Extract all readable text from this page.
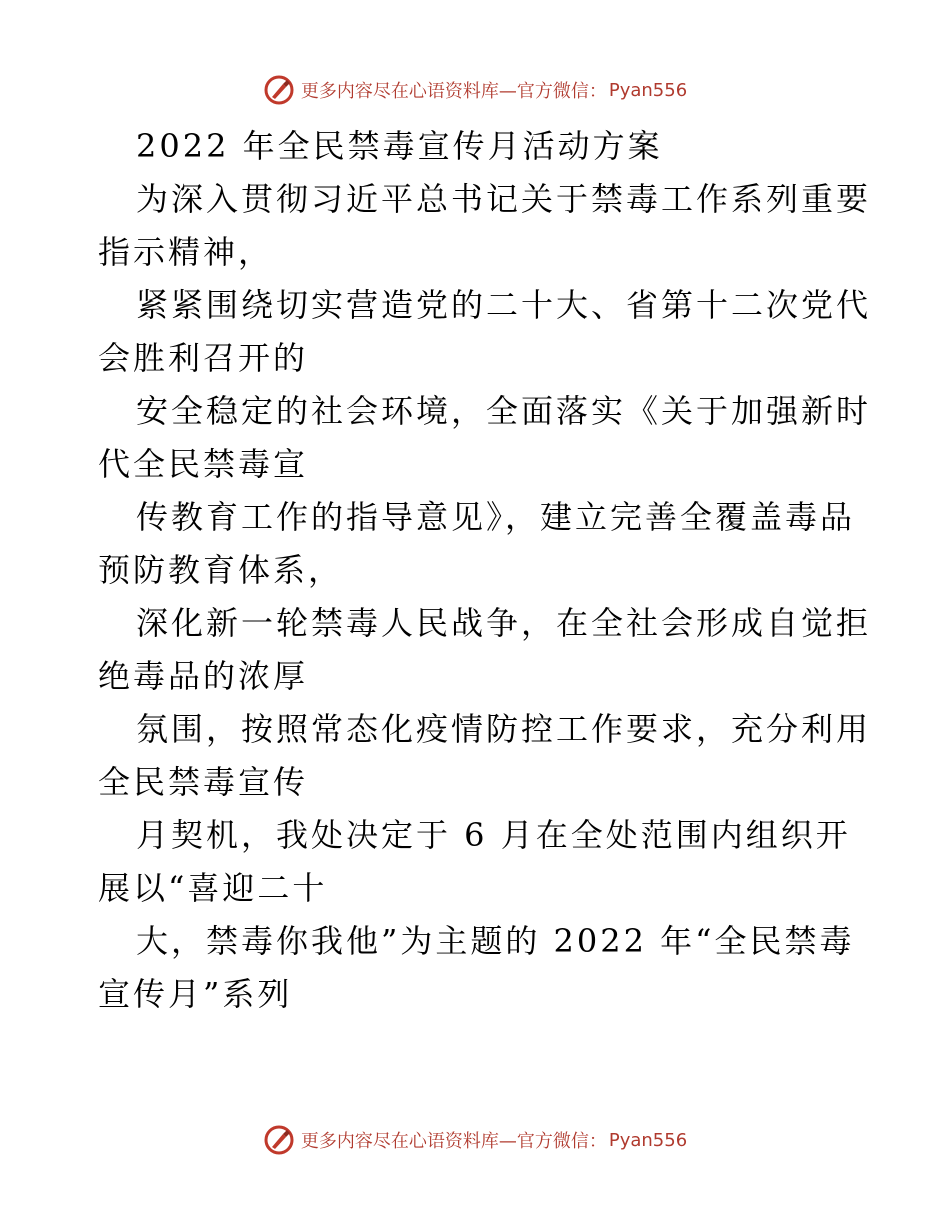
更多内容尽在心语资料库—官方微信： Pyan556
2022 年全民禁毒宣传月活动方案
为深入贯彻习近平总书记关于禁毒工作系列重要
指示精神，
紧紧围绕切实营造党的二十大、省第十二次党代
会胜利召开的
安全稳定的社会环境，全面落实《关于加强新时
代全民禁毒宣
传教育工作的指导意见》，建立完善全覆盖毒品
预防教育体系，
深化新一轮禁毒人民战争，在全社会形成自觉拒
绝毒品的浓厚
氛围，按照常态化疫情防控工作要求，充分利用
全民禁毒宣传
月契机，我处决定于 6 月在全处范围内组织开
展以“喜迎二十
大，禁毒你我他”为主题的 2022 年“全民禁毒
宣传月”系列
更多内容尽在心语资料库—官方微信： Pyan556
